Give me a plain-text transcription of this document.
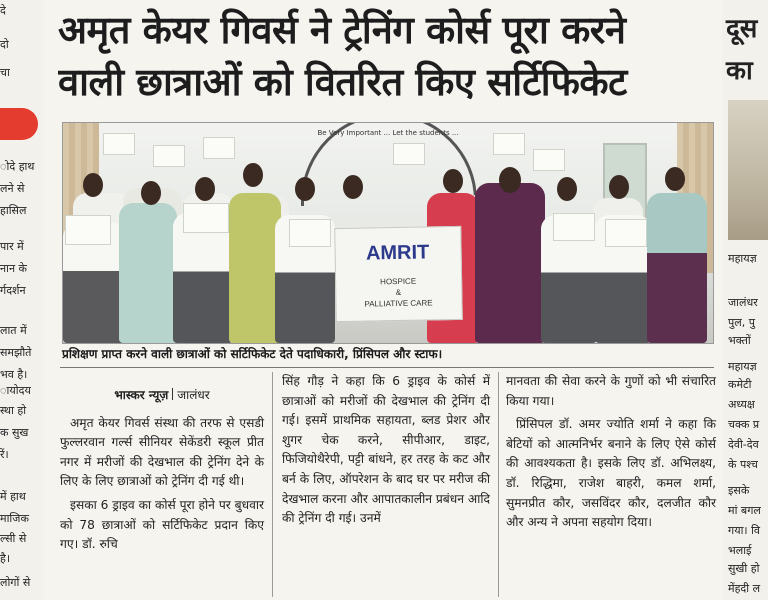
दे
दो
चा
ोदे हाथ
लने से
हासिल
पार में
नान के
र्गदर्शन
लात में
समझौते
भव है।
ायोदय
स्था हो
क सुख
रें।
में हाथ
माजिक
ल्सी से
है।
लोगों से
दूस
का
महायज्ञ
जालंधर
पुल, पु
भक्तों
महायज्ञ
कमेटी
अध्यक्ष
चक्क प्र
देवी-देव
के पश्च
इसके
मां बगल
गया। वि
भलाई
सुखी हो
मेंहदी ल
अमृत केयर गिवर्स ने ट्रेनिंग कोर्स पूरा करने
वाली छात्राओं को वितरित किए सर्टिफिकेट
Be Very Important ... Let the students ...
AMRIT
HOSPICE
&
PALLIATIVE CARE
प्रशिक्षण प्राप्त करने वाली छात्राओं को सर्टिफिकेट देते पदाधिकारी, प्रिंसिपल और स्टाफ।

भास्कर न्यूज़ जालंधर

अमृत केयर गिवर्स संस्था की तरफ से एसडी फुल्लरवान गर्ल्स सीनियर सेकेंडरी स्कूल प्रीत नगर में मरीजों की देखभाल की ट्रेनिंग देने के लिए के लिए छात्राओं को ट्रेनिंग दी गई थी।

इसका 6 ड्राइव का कोर्स पूरा होने पर बुधवार को 78 छात्राओं को सर्टिफिकेट प्रदान किए गए। डॉ. रुचि

सिंह गौड़ ने कहा कि 6 ड्राइव के कोर्स में छात्राओं को मरीजों की देखभाल की ट्रेनिंग दी गई। इसमें प्राथमिक सहायता, ब्लड प्रेशर और शुगर चेक करने, सीपीआर, डाइट, फिजियोथैरेपी, पट्टी बांधने, हर तरह के कट और बर्न के लिए, ऑपरेशन के बाद घर पर मरीज की देखभाल करना और आपातकालीन प्रबंधन आदि की ट्रेनिंग दी गई। उनमें

मानवता की सेवा करने के गुणों को भी संचारित किया गया।

प्रिंसिपल डॉ. अमर ज्योति शर्मा ने कहा कि बेटियों को आत्मनिर्भर बनाने के लिए ऐसे कोर्स की आवश्यकता है। इसके लिए डॉ. अभिलक्ष्य, डॉ. रिद्धिमा, राजेश बाहरी, कमल शर्मा, सुमनप्रीत कौर, जसविंदर कौर, दलजीत कौर और अन्य ने अपना सहयोग दिया।
